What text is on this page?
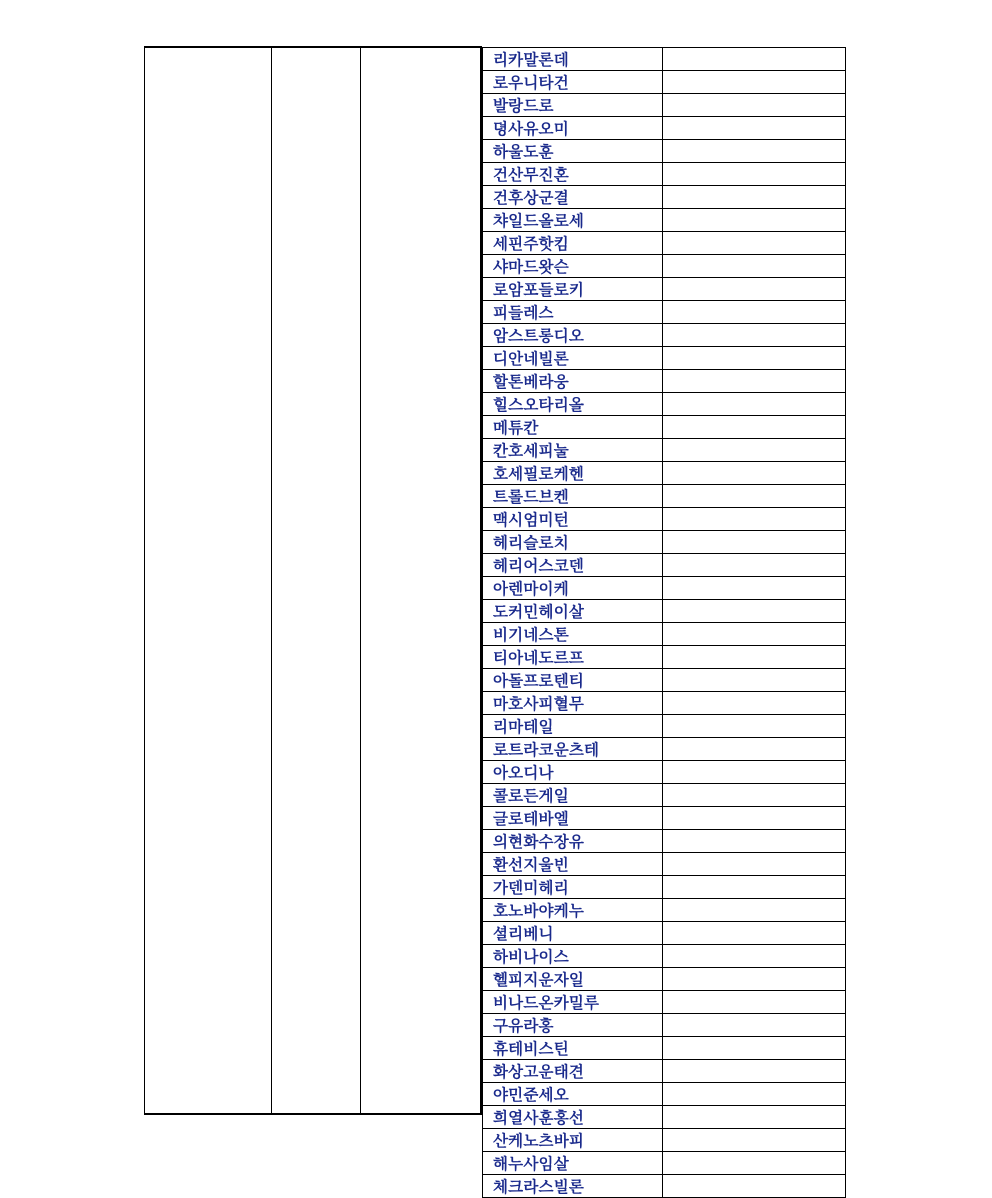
리카말론데	
로우니타건	
발랑드로	
뎡사유오미	
하울도훈	
건산무진혼	
건후상군결	
챠일드올로세	
세핀주핫킴	
샤마드왓슨	
로암포들로키	
피들레스	
암스트롱디오	
디안네빌론	
할톤베라웅	
힐스오타리올	
메튜칸	
칸호세피눌	
호세필로케헨	
트롤드브켄	
맥시엄미턴	
헤리슬로치	
헤리어스코덴	
아렌마이케	
도커민헤이살	
비기네스톤	
티아네도르프	
아돌프로텐티	
마호사피혈무	
리마테일	
로트라코운츠테	
아오디나	
콜로든게일	
글로테바엘	
의현화수장유	
환선지울빈	
가덴미헤리	
호노바야케누	
셜리베니	
하비나이스	
헬피지운자일	
비나드온카밀루	
구유라홍	
휴테비스틴	
화상고운태견	
야민준세오	
희열사훈홍선	
산케노츠바피	
해누사임살	
체크라스빌론	
